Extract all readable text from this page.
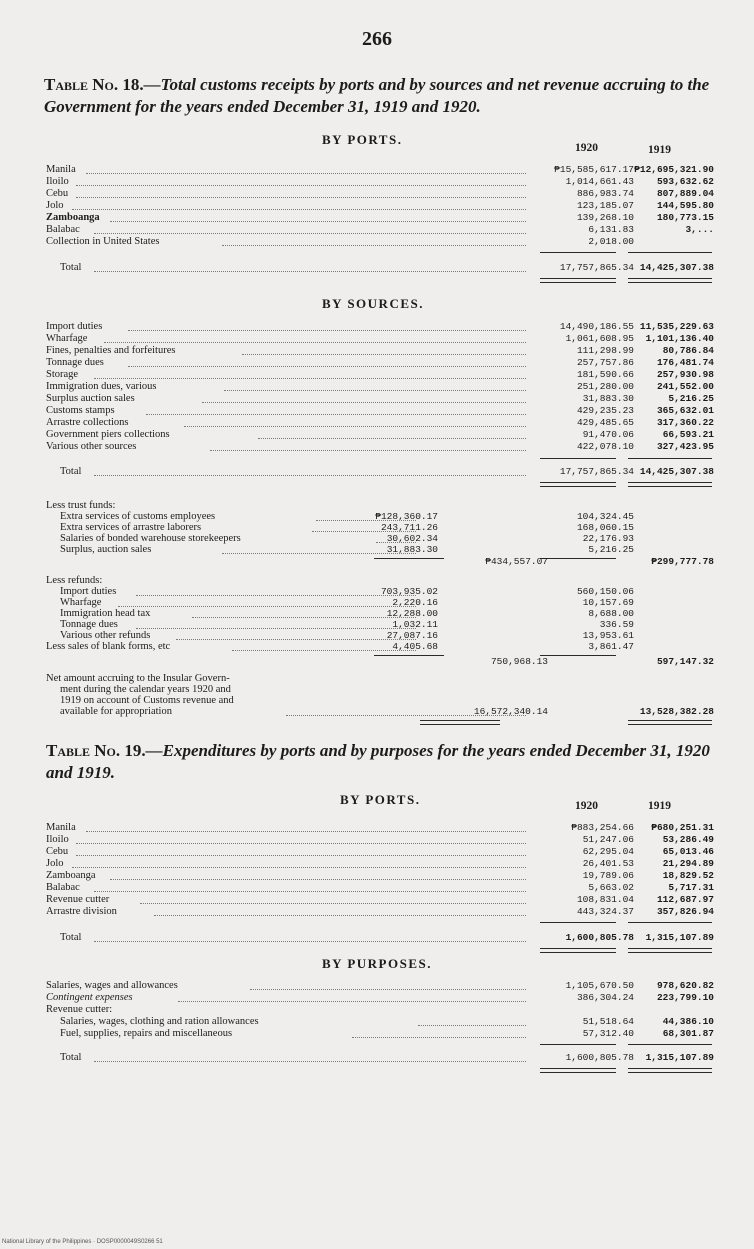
266
Table No. 18.—Total customs receipts by ports and by sources and net revenue accruing to the Government for the years ended December 31, 1919 and 1920.
BY PORTS.
1920	1919
Manila	₱15,585,617.17 ₱12,695,321.90
Iloilo	1,014,661.43	593,632.62
Cebu	886,983.74	807,889.04
Jolo	123,185.07	144,595.80
Zamboanga	139,268.10	180,773.15
Balabac	6,131.83	3,...
Collection in United States	2,018.00
Total	17,757,865.34 14,425,307.38
BY SOURCES.
Import duties	14,490,186.55 11,535,229.63
Wharfage	1,061,608.95	1,101,136.40
Fines, penalties and forfeitures	111,298.99	80,786.84
Tonnage dues	257,757.86	176,481.74
Storage	181,590.66	257,930.98
Immigration dues, various	251,280.00	241,552.00
Surplus auction sales	31,883.30	5,216.25
Customs stamps	429,235.23	365,632.01
Arrastre collections	429,485.65	317,360.22
Government piers collections	91,470.06	66,593.21
Various other sources	422,078.10	327,423.95
Total	17,757,865.34 14,425,307.38
Less trust funds:
Extra services of customs employees	₱128,360.17	104,324.45
Extra services of arrastre laborers	243,711.26	168,060.15
Salaries of bonded warehouse storekeepers	30,602.34	22,176.93
Surplus, auction sales	31,883.30	5,216.25
₱434,557.07	₱299,777.78
Less refunds:
Import duties	703,935.02	560,150.06
Wharfage	2,220.16	10,157.69
Immigration head tax	12,288.00	8,688.00
Tonnage dues	1,032.11	336.59
Various other refunds	27,087.16	13,953.61
Less sales of blank forms, etc	4,405.68	3,861.47
750,968.13	597,147.32
Net amount accruing to the Insular Govern-
ment during the calendar years 1920 and
1919 on account of Customs revenue and
available for appropriation	16,572,340.14	13,528,382.28
Table No. 19.—Expenditures by ports and by purposes for the years ended December 31, 1920 and 1919.
BY PORTS.	1920	1919
Manila	₱883,254.66	₱680,251.31
Iloilo	51,247.06	53,286.49
Cebu	62,295.04	65,013.46
Jolo	26,401.53	21,294.89
Zamboanga	19,789.06	18,829.52
Balabac	5,663.02	5,717.31
Revenue cutter	108,831.04	112,687.97
Arrastre division	443,324.37	357,826.94
Total	1,600,805.78	1,315,107.89
BY PURPOSES.
Salaries, wages and allowances	1,105,670.50	978,620.82
Contingent expenses	386,304.24	223,799.10
Revenue cutter:
Salaries, wages, clothing and ration allowances	51,518.64	44,386.10
Fuel, supplies, repairs and miscellaneous	57,312.40	68,301.87
Total	1,600,805.78	1,315,107.89
National Library of the Philippines · DOSP0000049S0266 51
